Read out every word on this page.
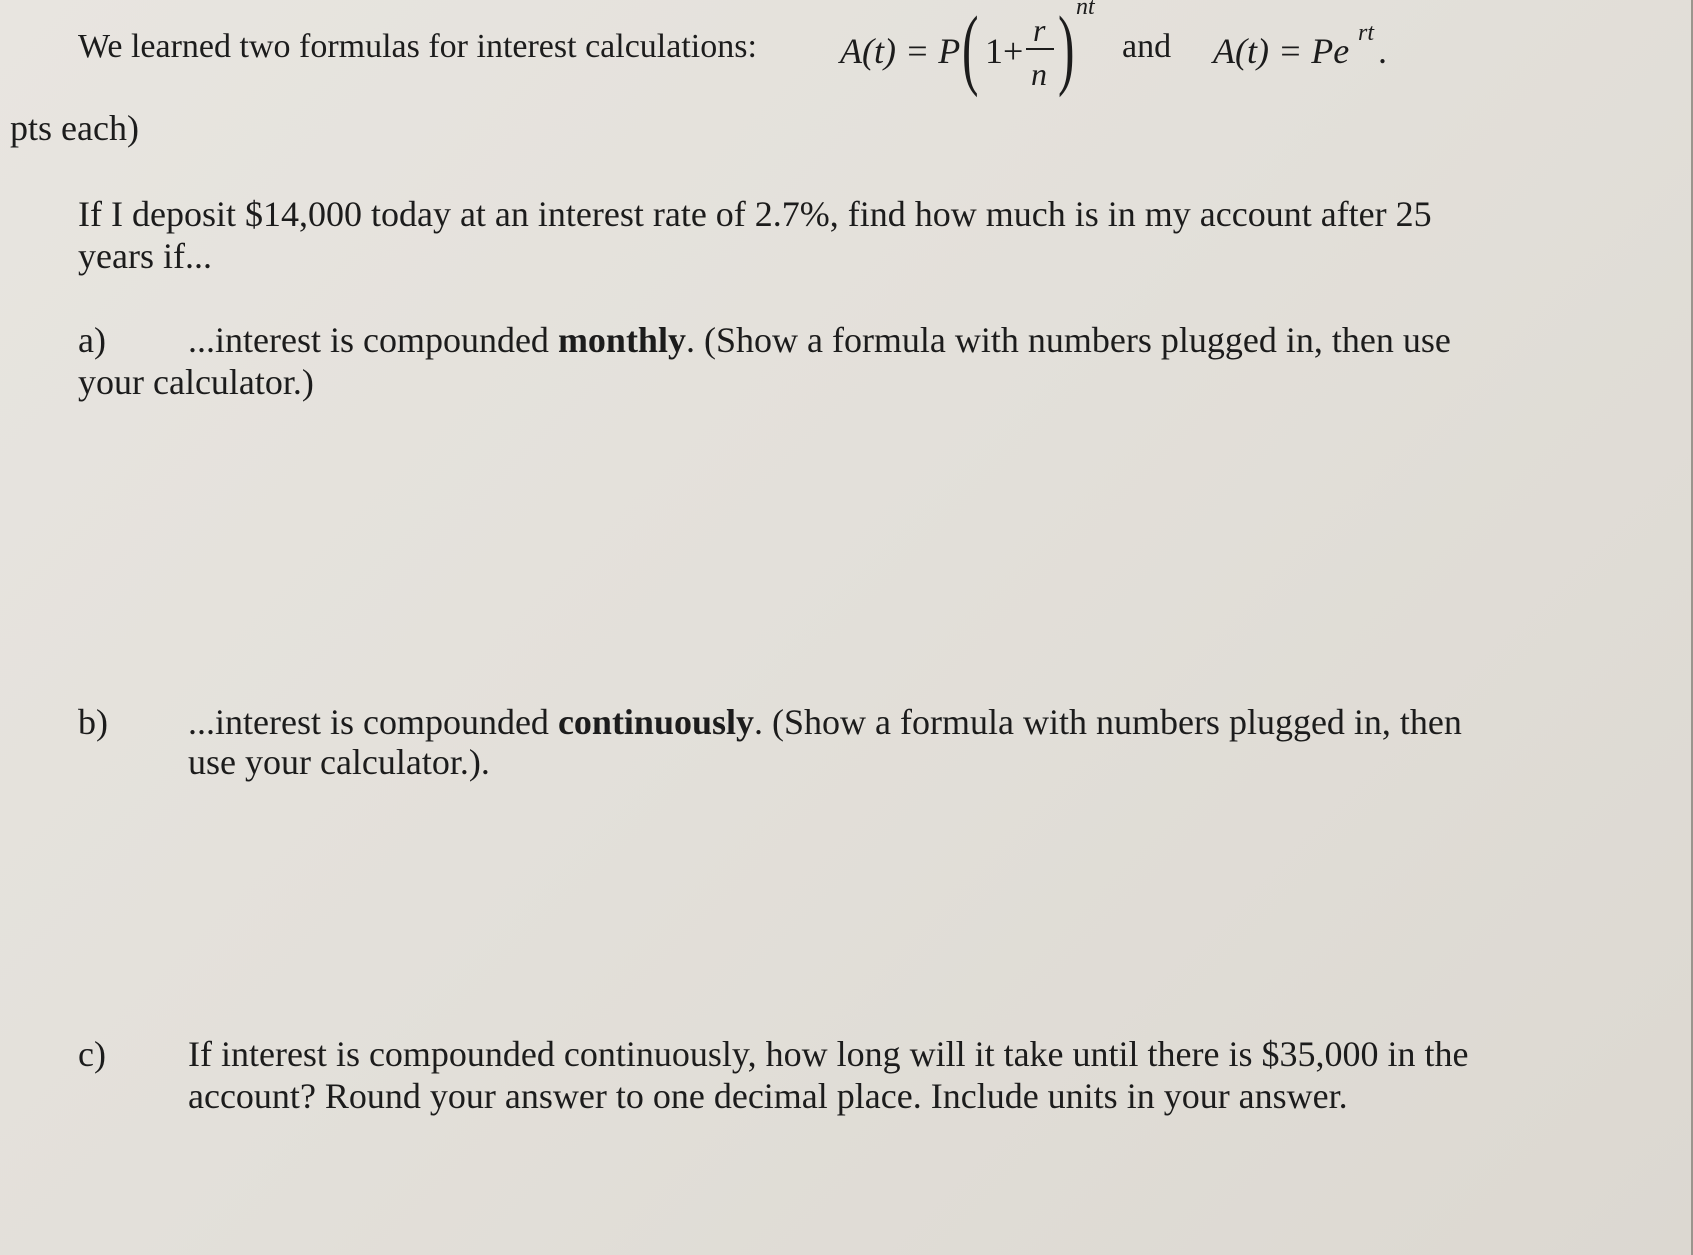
We learned two formulas for interest calculations: A(t) = P ( 1+
r
n ) nt
and A(t) = Pe rt .
pts each)
If I deposit $14,000 today at an interest rate of 2.7%, find how much is in my account after 25
years if...
a) ...interest is compounded monthly. (Show a formula with numbers plugged in, then use
your calculator.)
b) ...interest is compounded continuously. (Show a formula with numbers plugged in, then
use your calculator.).
c) If interest is compounded continuously, how long will it take until there is $35,000 in the
account? Round your answer to one decimal place. Include units in your answer.
